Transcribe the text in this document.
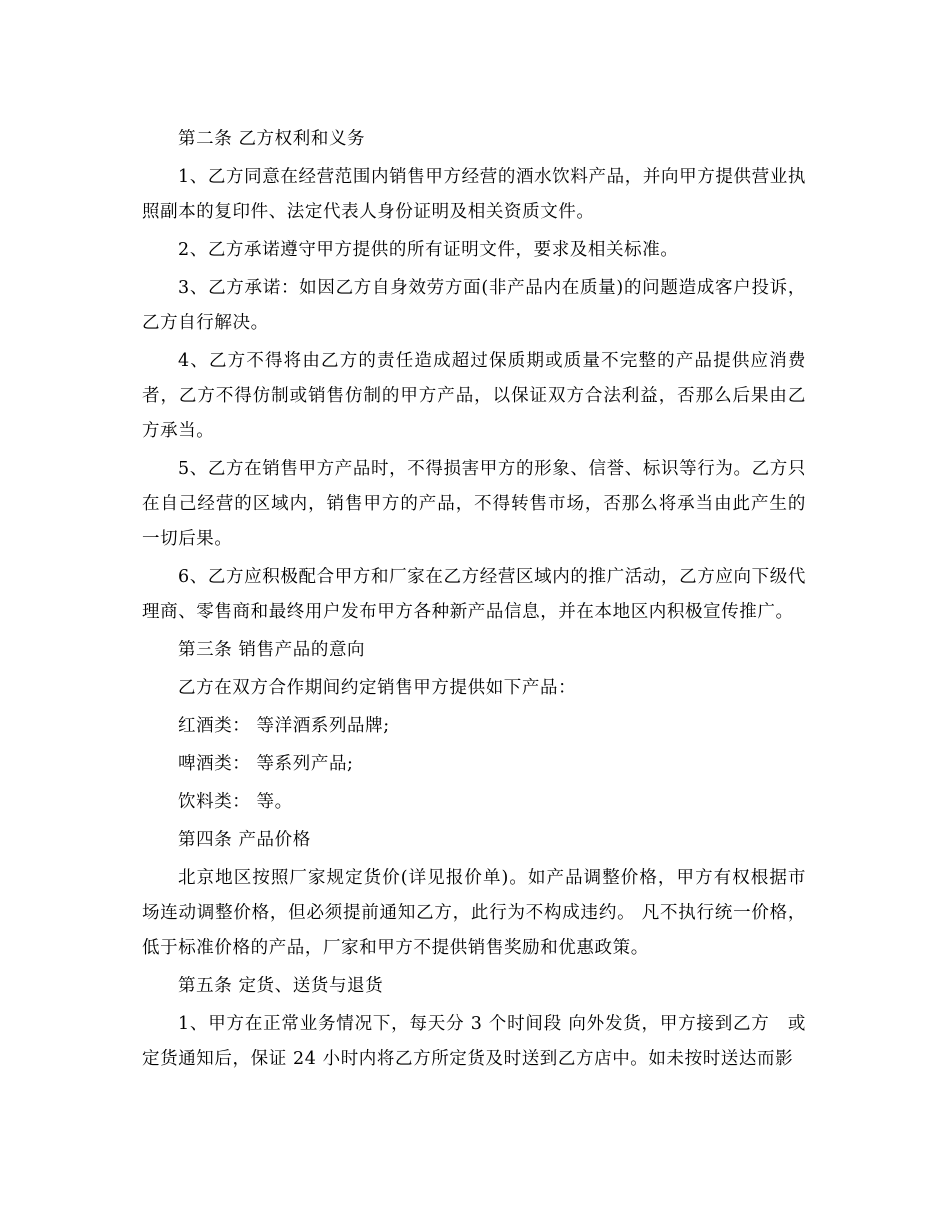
第二条 乙方权利和义务

1、乙方同意在经营范围内销售甲方经营的酒水饮料产品，并向甲方提供营业执照副本的复印件、法定代表人身份证明及相关资质文件。

2、乙方承诺遵守甲方提供的所有证明文件，要求及相关标准。

3、乙方承诺：如因乙方自身效劳方面(非产品内在质量)的问题造成客户投诉，乙方自行解决。

4、乙方不得将由乙方的责任造成超过保质期或质量不完整的产品提供应消费者，乙方不得仿制或销售仿制的甲方产品，以保证双方合法利益，否那么后果由乙方承当。

5、乙方在销售甲方产品时，不得损害甲方的形象、信誉、标识等行为。乙方只在自己经营的区域内，销售甲方的产品，不得转售市场，否那么将承当由此产生的一切后果。

6、乙方应积极配合甲方和厂家在乙方经营区域内的推广活动，乙方应向下级代理商、零售商和最终用户发布甲方各种新产品信息，并在本地区内积极宣传推广。

第三条 销售产品的意向

乙方在双方合作期间约定销售甲方提供如下产品：

红酒类： 等洋酒系列品牌;

啤酒类： 等系列产品;

饮料类： 等。

第四条 产品价格

北京地区按照厂家规定货价(详见报价单)。如产品调整价格，甲方有权根据市场连动调整价格，但必须提前通知乙方，此行为不构成违约。 凡不执行统一价格，低于标准价格的产品，厂家和甲方不提供销售奖励和优惠政策。

第五条 定货、送货与退货

1、甲方在正常业务情况下，每天分 3 个时间段 向外发货，甲方接到乙方　或定货通知后，保证 24 小时内将乙方所定货及时送到乙方店中。如未按时送达而影
